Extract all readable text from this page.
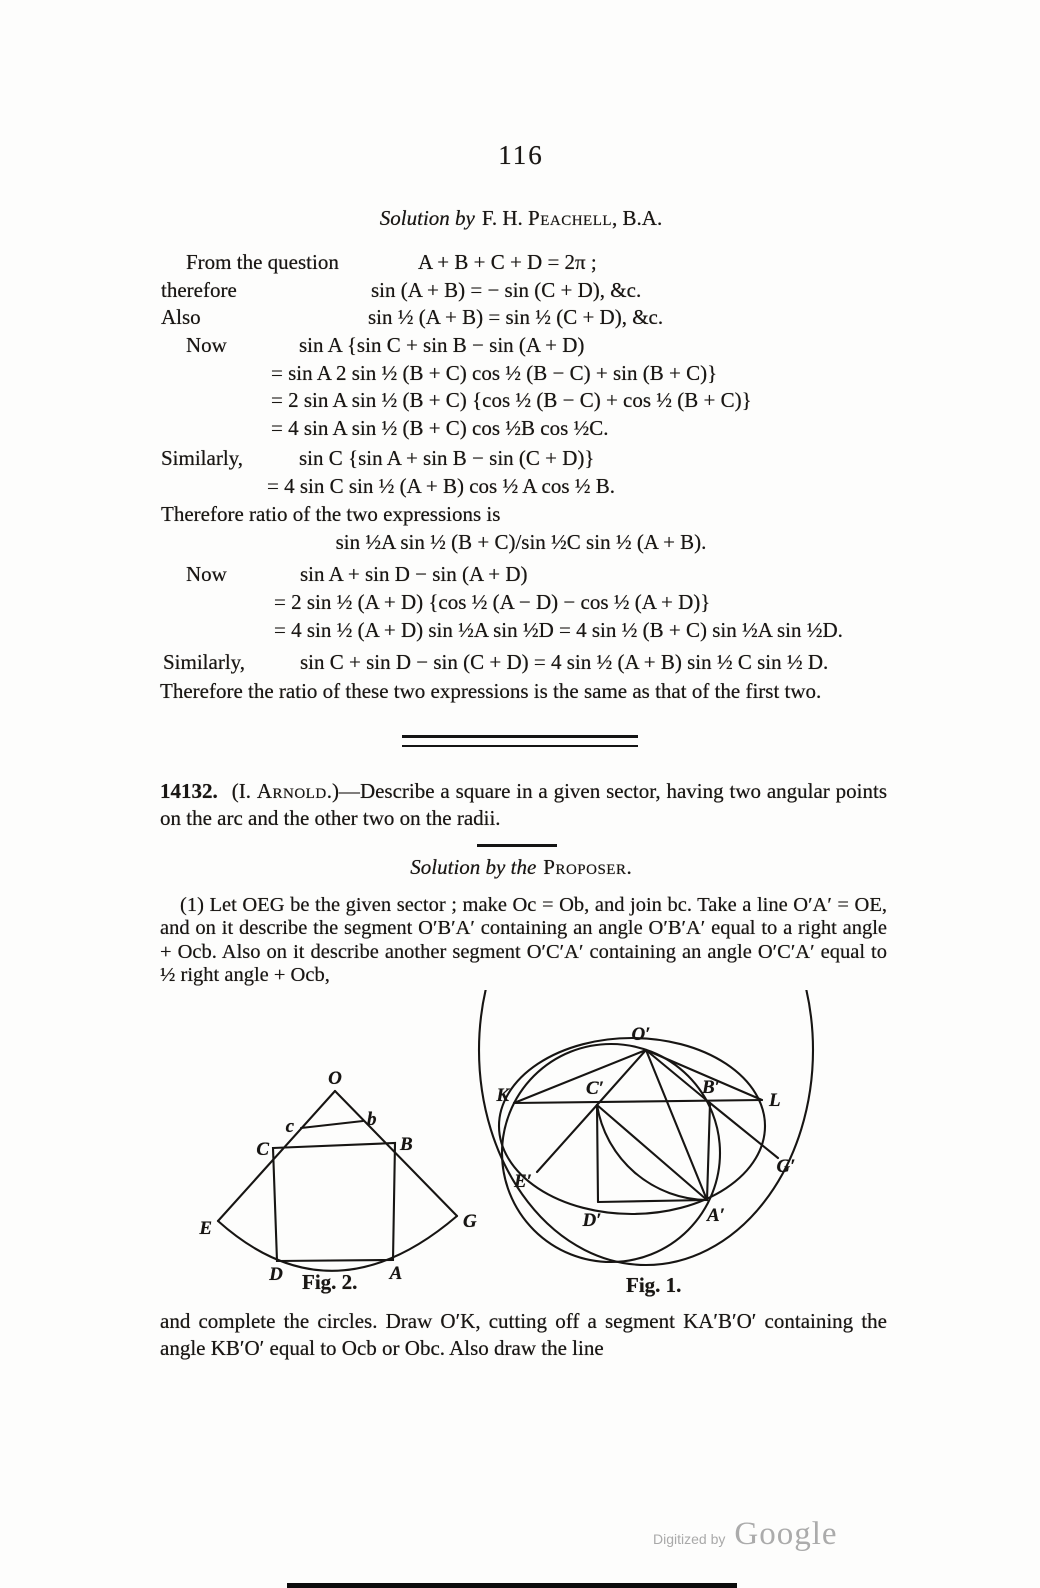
116
Solution by F. H. Peachell, B.A.
From the question	A + B + C + D = 2π ;
therefore	sin (A + B) = − sin (C + D), &c.
Also	sin ½ (A + B) = sin ½ (C + D), &c.
Now	sin A {sin C + sin B − sin (A + D)
= sin A 2 sin ½ (B + C) cos ½ (B − C) + sin (B + C)}
= 2 sin A sin ½ (B + C) {cos ½ (B − C) + cos ½ (B + C)}
= 4 sin A sin ½ (B + C) cos ½B cos ½C.
Similarly,	sin C {sin A + sin B − sin (C + D)}
= 4 sin C sin ½ (A + B) cos ½ A cos ½ B.
Therefore ratio of the two expressions is
sin ½A sin ½ (B + C)/sin ½C sin ½ (A + B).
Now	sin A + sin D − sin (A + D)
= 2 sin ½ (A + D) {cos ½ (A − D) − cos ½ (A + D)}
= 4 sin ½ (A + D) sin ½A sin ½D = 4 sin ½ (B + C) sin ½A sin ½D.
Similarly,	sin C + sin D − sin (C + D) = 4 sin ½ (A + B) sin ½ C sin ½ D.
Therefore the ratio of these two expressions is the same as that of the first two.
14132. (I. Arnold.)—Describe a square in a given sector, having two angular points on the arc and the other two on the radii.
Solution by the Proposer.
(1) Let OEG be the given sector ; make Oc = Ob, and join bc. Take a line O′A′ = OE, and on it describe the segment O′B′A′ containing an angle O′B′A′ equal to a right angle + Ocb. Also on it describe another segment O′C′A′ containing an angle O′C′A′ equal to ½ right angle + Ocb,
O
c	b
C	B
E	G
D	A
O′
K	C′	B′
L
E′
D′	A′
G′
Fig. 2.	Fig. 1.
and complete the circles. Draw O′K, cutting off a segment KA′B′O′ containing the angle KB′O′ equal to Ocb or Obc. Also draw the line
Digitized by Google
